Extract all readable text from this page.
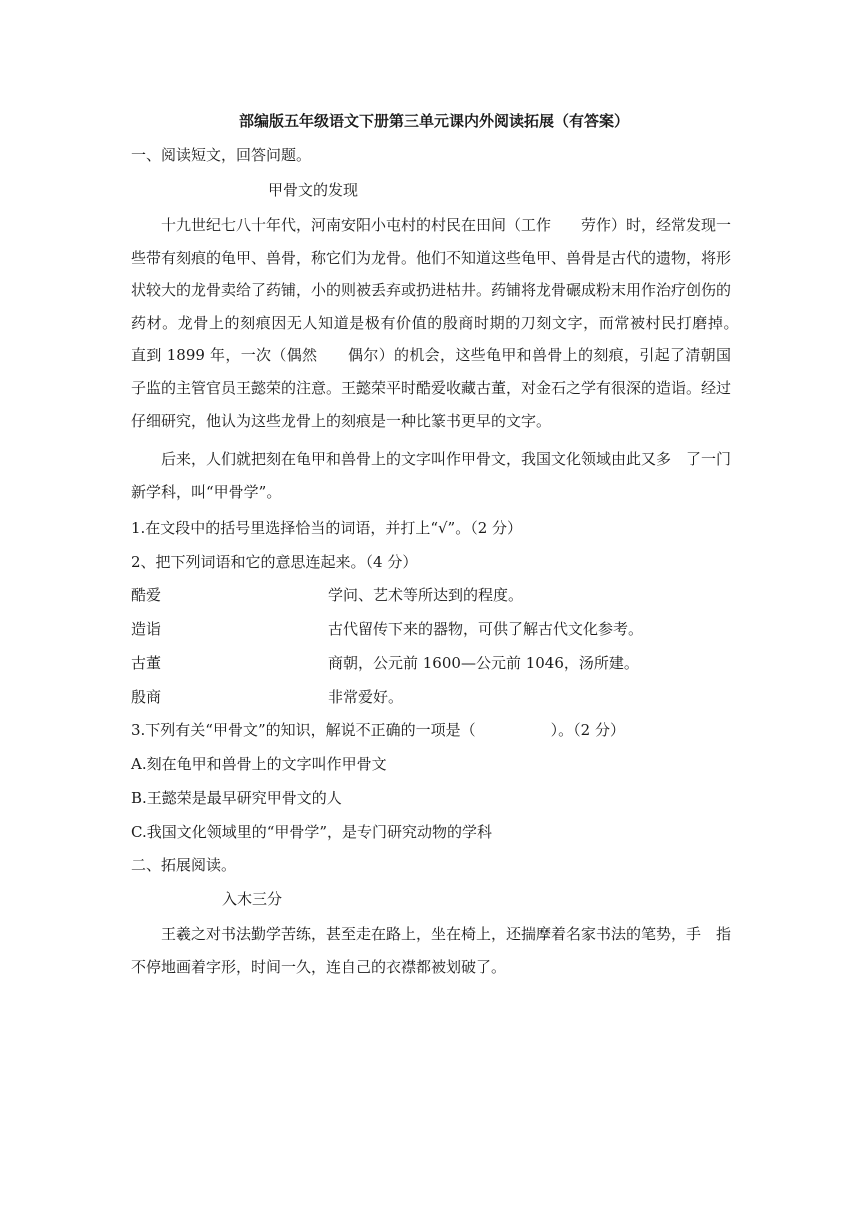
部编版五年级语文下册第三单元课内外阅读拓展（有答案）
一、阅读短文，回答问题。
甲骨文的发现
十九世纪七八十年代，河南安阳小屯村的村民在田间（工作　　劳作）时，经常发现一些带有刻痕的龟甲、兽骨，称它们为龙骨。他们不知道这些龟甲、兽骨是古代的遗物，将形状较大的龙骨卖给了药铺，小的则被丢弃或扔进枯井。药铺将龙骨碾成粉末用作治疗创伤的药材。龙骨上的刻痕因无人知道是极有价值的殷商时期的刀刻文字，而常被村民打磨掉。　直到 1899 年，一次（偶然　　偶尔）的机会，这些龟甲和兽骨上的刻痕，引起了清朝国子监的主管官员王懿荣的注意。王懿荣平时酷爱收藏古董，对金石之学有很深的造诣。经过仔细研究，他认为这些龙骨上的刻痕是一种比篆书更早的文字。
后来，人们就把刻在龟甲和兽骨上的文字叫作甲骨文，我国文化领域由此又多　了一门新学科，叫“甲骨学”。
1.在文段中的括号里选择恰当的词语，并打上“√”。（2 分）
2、把下列词语和它的意思连起来。（4 分）
酷爱	学问、艺术等所达到的程度。
造诣	古代留传下来的器物，可供了解古代文化参考。
古董	商朝，公元前 1600—公元前 1046，汤所建。
殷商	非常爱好。
3.下列有关“甲骨文”的知识，解说不正确的一项是（　　　　　）。（2 分）
A.刻在龟甲和兽骨上的文字叫作甲骨文
B.王懿荣是最早研究甲骨文的人
C.我国文化领域里的“甲骨学”，是专门研究动物的学科
二、拓展阅读。
入木三分
王羲之对书法勤学苦练，甚至走在路上，坐在椅上，还揣摩着名家书法的笔势，手　指不停地画着字形，时间一久，连自己的衣襟都被划破了。
